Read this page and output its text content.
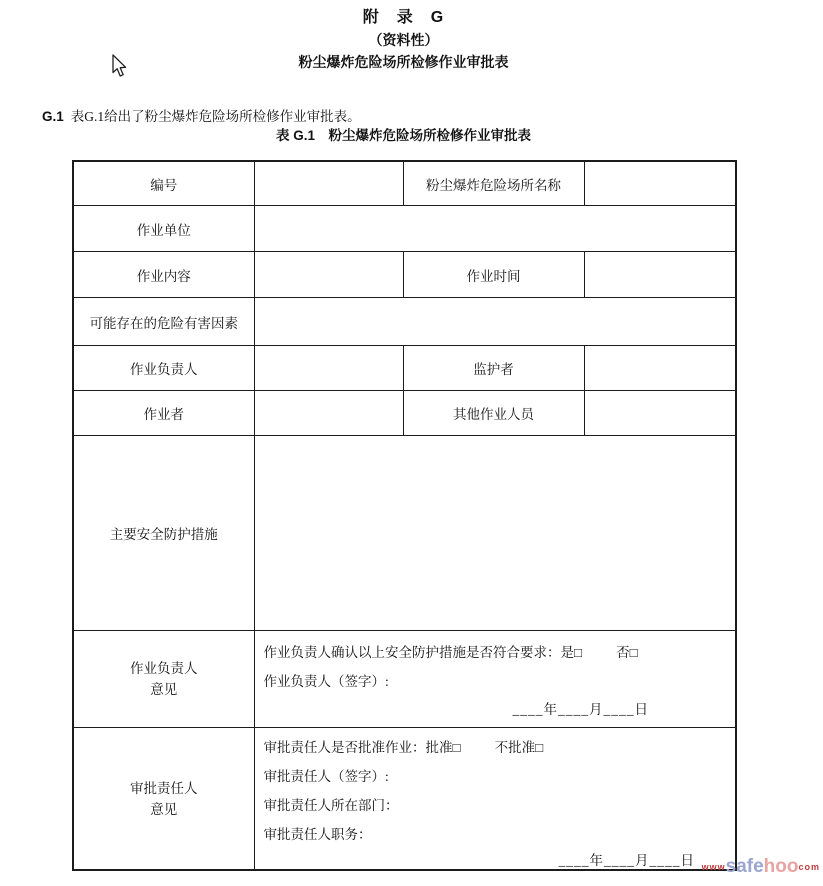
附　录　G
（资料性）
粉尘爆炸危险场所检修作业审批表

G.1 表G.1给出了粉尘爆炸危险场所检修作业审批表。

表 G.1　粉尘爆炸危险场所检修作业审批表
编号		粉尘爆炸危险场所名称	
作业单位			
作业内容		作业时间	
可能存在的危险有害因素			
作业负责人		监护者	
作业者		其他作业人员	
主要安全防护措施			

作业负责人
意见

作业负责人确认以上安全防护措施是否符合要求：是□	否□
作业负责人（签字）:
____年____月____日

审批责任人
意见

审批责任人是否批准作业：批准□	不批准□
审批责任人（签字）:
审批责任人所在部门：
审批责任人职务：
____年____月____日 wwwsafehoocom
